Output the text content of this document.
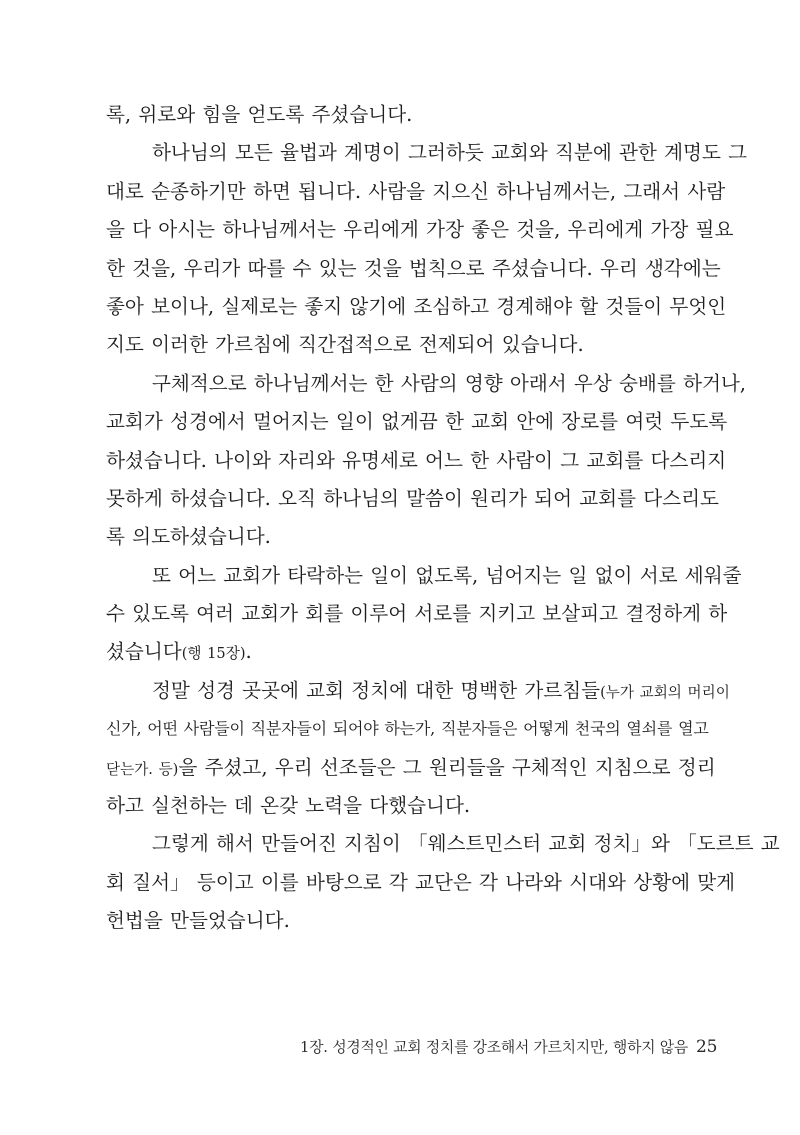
록, 위로와 힘을 얻도록 주셨습니다.
하나님의 모든 율법과 계명이 그러하듯 교회와 직분에 관한 계명도 그
대로 순종하기만 하면 됩니다. 사람을 지으신 하나님께서는, 그래서 사람
을 다 아시는 하나님께서는 우리에게 가장 좋은 것을, 우리에게 가장 필요
한 것을, 우리가 따를 수 있는 것을 법칙으로 주셨습니다. 우리 생각에는
좋아 보이나, 실제로는 좋지 않기에 조심하고 경계해야 할 것들이 무엇인
지도 이러한 가르침에 직간접적으로 전제되어 있습니다.
구체적으로 하나님께서는 한 사람의 영향 아래서 우상 숭배를 하거나,
교회가 성경에서 멀어지는 일이 없게끔 한 교회 안에 장로를 여럿 두도록
하셨습니다. 나이와 자리와 유명세로 어느 한 사람이 그 교회를 다스리지
못하게 하셨습니다. 오직 하나님의 말씀이 원리가 되어 교회를 다스리도
록 의도하셨습니다.
또 어느 교회가 타락하는 일이 없도록, 넘어지는 일 없이 서로 세워줄
수 있도록 여러 교회가 회를 이루어 서로를 지키고 보살피고 결정하게 하
셨습니다(행 15장).
정말 성경 곳곳에 교회 정치에 대한 명백한 가르침들(누가 교회의 머리이
신가, 어떤 사람들이 직분자들이 되어야 하는가, 직분자들은 어떻게 천국의 열쇠를 열고
닫는가. 등)을 주셨고, 우리 선조들은 그 원리들을 구체적인 지침으로 정리
하고 실천하는 데 온갖 노력을 다했습니다.
그렇게 해서 만들어진 지침이 「웨스트민스터 교회 정치」와 「도르트 교
회 질서」 등이고 이를 바탕으로 각 교단은 각 나라와 시대와 상황에 맞게
헌법을 만들었습니다.
1장. 성경적인 교회 정치를 강조해서 가르치지만, 행하지 않음 25
